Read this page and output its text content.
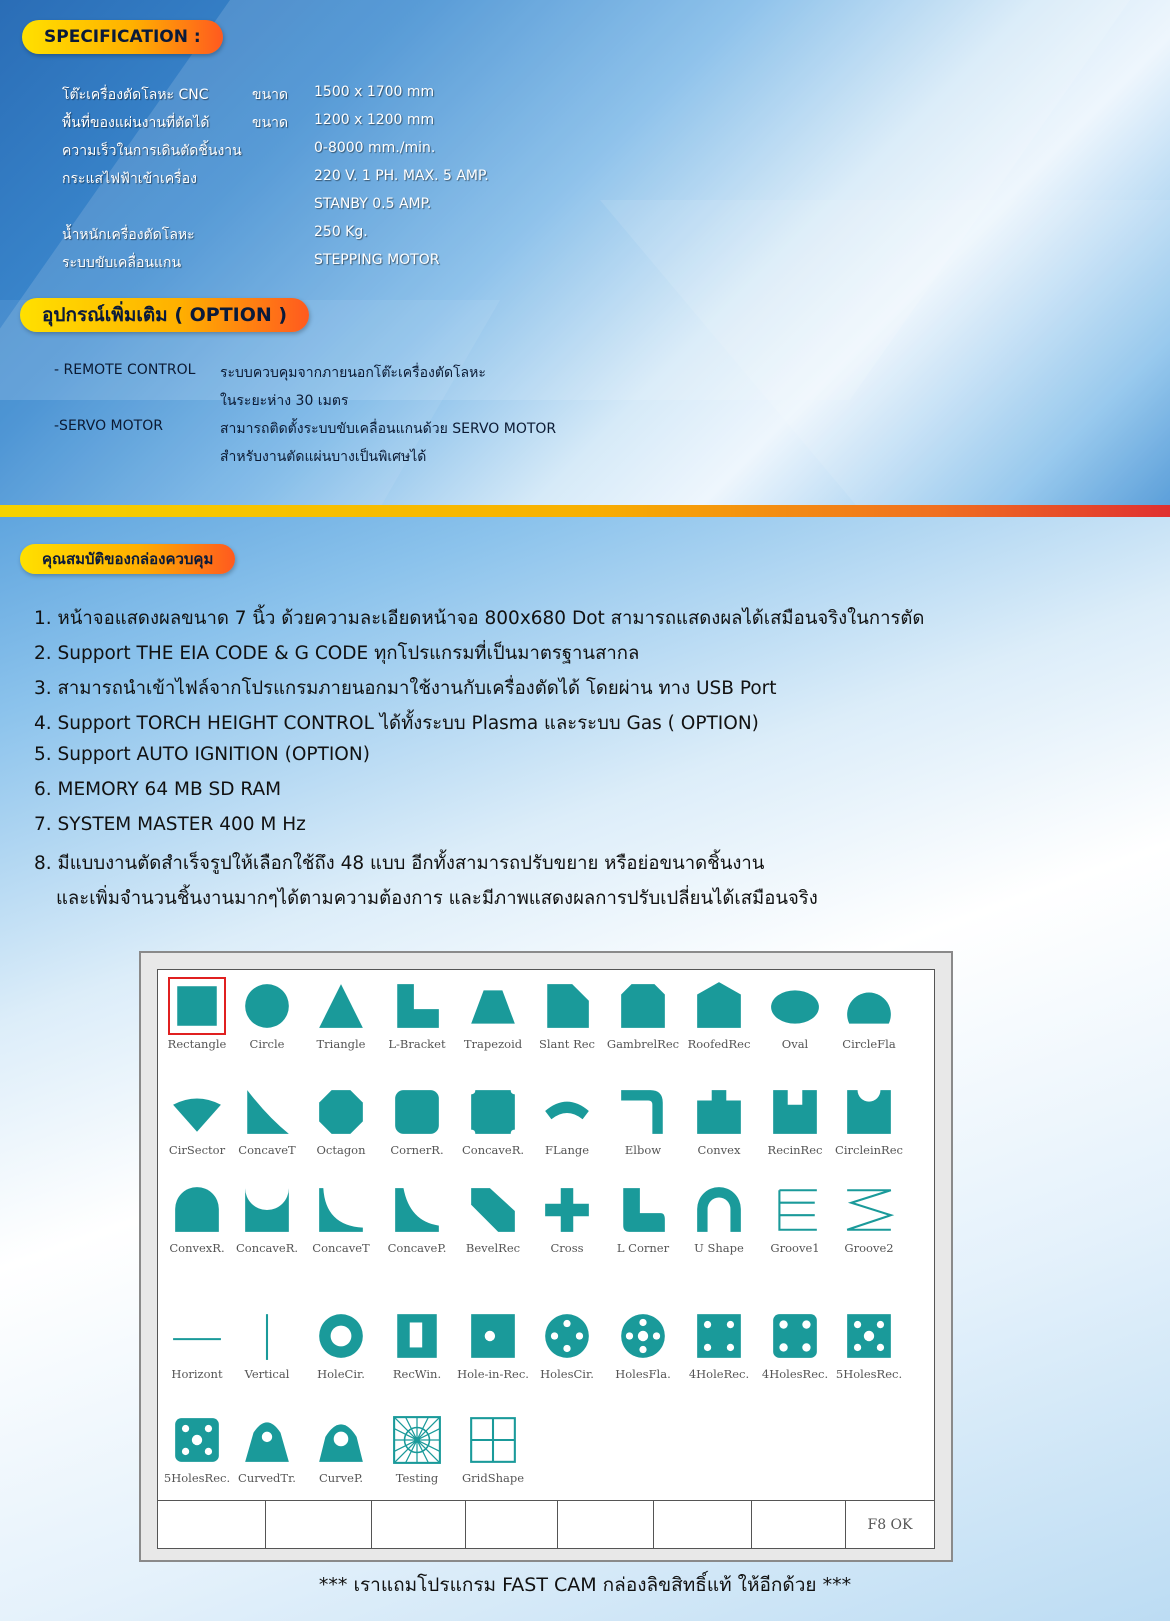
SPECIFICATION :
โต๊ะเครื่องตัดโลหะ CNC	ขนาด	1500 x 1700 mm
พื้นที่ของแผ่นงานที่ตัดได้	ขนาด	1200 x 1200 mm
ความเร็วในการเดินตัดชิ้นงาน	0-8000 mm./min.
กระแสไฟฟ้าเข้าเครื่อง	220 V. 1 PH. MAX. 5 AMP.
STANBY 0.5 AMP.
น้ำหนักเครื่องตัดโลหะ	250 Kg.
ระบบขับเคลื่อนแกน	STEPPING MOTOR
อุปกรณ์เพิ่มเติม ( OPTION )
- REMOTE CONTROL ระบบควบคุมจากภายนอกโต๊ะเครื่องตัดโลหะ
ในระยะห่าง 30 เมตร
-SERVO MOTOR	สามารถติดตั้งระบบขับเคลื่อนแกนด้วย SERVO MOTOR
สำหรับงานตัดแผ่นบางเป็นพิเศษได้
คุณสมบัติของกล่องควบคุม
1. หน้าจอแสดงผลขนาด 7 นิ้ว ด้วยความละเอียดหน้าจอ 800x680 Dot สามารถแสดงผลได้เสมือนจริงในการตัด
2. Support THE EIA CODE & G CODE ทุกโปรแกรมที่เป็นมาตรฐานสากล
3. สามารถนำเข้าไฟล์จากโปรแกรมภายนอกมาใช้งานกับเครื่องตัดได้ โดยผ่าน ทาง USB Port
4. Support TORCH HEIGHT CONTROL ได้ทั้งระบบ Plasma และระบบ Gas ( OPTION)
5. Support AUTO IGNITION (OPTION)
6. MEMORY 64 MB SD RAM
7. SYSTEM MASTER 400 M Hz
8. มีแบบงานตัดสำเร็จรูปให้เลือกใช้ถึง 48 แบบ อีกทั้งสามารถปรับขยาย หรือย่อขนาดชิ้นงาน
และเพิ่มจำนวนชิ้นงานมากๆได้ตามความต้องการ และมีภาพแสดงผลการปรับเปลี่ยนได้เสมือนจริง
Rectangle	Circle	Triangle	L-Bracket	Trapezoid	Slant Rec	GambrelRec RoofedRec	Oval	CircleFla
CirSector	ConcaveT	Octagon	CornerR.	ConcaveR.	FLange	Elbow	Convex	RecinRec	CircleinRec
ConvexR. ConcaveR.	ConcaveT	ConcaveP.	BevelRec	Cross	L Corner	U Shape	Groove1	Groove2
Horizont	Vertical	HoleCir.	RecWin.	Hole-in-Rec. HolesCir.	HolesFla.	4HoleRec.	4HolesRec. 5HolesRec.
5HolesRec. CurvedTr.	CurveP.	Testing	GridShape
F8 OK
*** เราแถมโปรแกรม FAST CAM กล่องลิขสิทธิ์แท้ ให้อีกด้วย ***
